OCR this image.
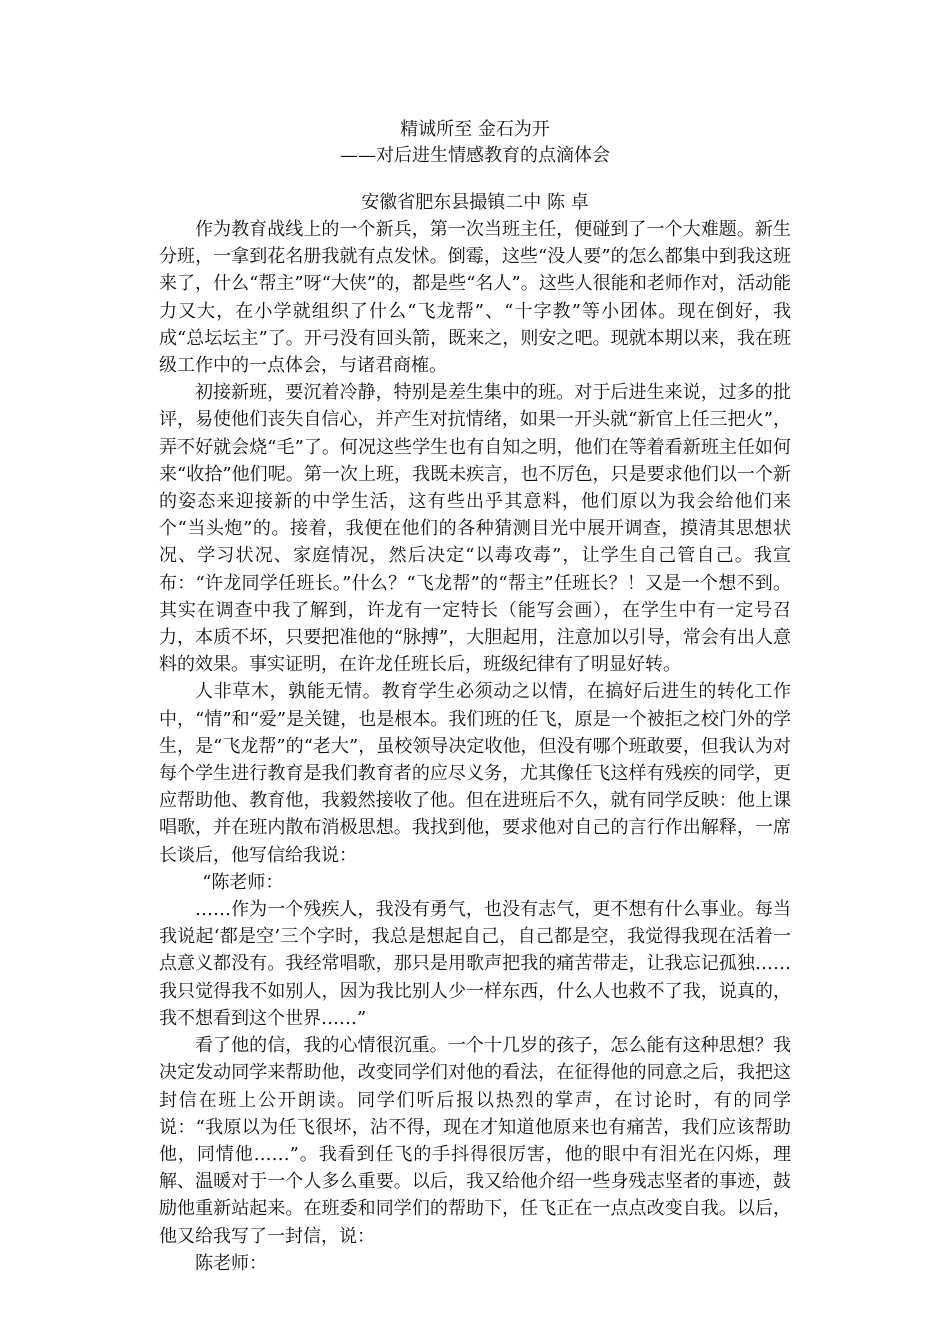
精诚所至 金石为开
——对后进生情感教育的点滴体会
安徽省肥东县撮镇二中 陈 卓

作为教育战线上的一个新兵，第一次当班主任，便碰到了一个大难题。新生分班，一拿到花名册我就有点发怵。倒霉，这些“没人要”的怎么都集中到我这班来了，什么“帮主”呀“大侠”的，都是些“名人”。这些人很能和老师作对，活动能力又大，在小学就组织了什么“飞龙帮”、“十字教”等小团体。现在倒好，我成“总坛坛主”了。开弓没有回头箭，既来之，则安之吧。现就本期以来，我在班级工作中的一点体会，与诸君商榷。

初接新班，要沉着冷静，特别是差生集中的班。对于后进生来说，过多的批评，易使他们丧失自信心，并产生对抗情绪，如果一开头就“新官上任三把火”，弄不好就会烧“毛”了。何况这些学生也有自知之明，他们在等着看新班主任如何来“收拾”他们呢。第一次上班，我既未疾言，也不厉色，只是要求他们以一个新的姿态来迎接新的中学生活，这有些出乎其意料，他们原以为我会给他们来个“当头炮”的。接着，我便在他们的各种猜测目光中展开调查，摸清其思想状况、学习状况、家庭情况，然后决定“以毒攻毒”，让学生自己管自己。我宣布：“许龙同学任班长。”什么？“飞龙帮”的“帮主”任班长？！又是一个想不到。其实在调查中我了解到，许龙有一定特长（能写会画），在学生中有一定号召力，本质不坏，只要把准他的“脉搏”，大胆起用，注意加以引导，常会有出人意料的效果。事实证明，在许龙任班长后，班级纪律有了明显好转。

人非草木，孰能无情。教育学生必须动之以情，在搞好后进生的转化工作中，“情”和“爱”是关键，也是根本。我们班的任飞，原是一个被拒之校门外的学生，是“飞龙帮”的“老大”，虽校领导决定收他，但没有哪个班敢要，但我认为对每个学生进行教育是我们教育者的应尽义务，尤其像任飞这样有残疾的同学，更应帮助他、教育他，我毅然接收了他。但在进班后不久，就有同学反映：他上课唱歌，并在班内散布消极思想。我找到他，要求他对自己的言行作出解释，一席长谈后，他写信给我说：

“陈老师：

……作为一个残疾人，我没有勇气，也没有志气，更不想有什么事业。每当我说起‘都是空’三个字时，我总是想起自己，自己都是空，我觉得我现在活着一点意义都没有。我经常唱歌，那只是用歌声把我的痛苦带走，让我忘记孤独……我只觉得我不如别人，因为我比别人少一样东西，什么人也救不了我，说真的，我不想看到这个世界……”

看了他的信，我的心情很沉重。一个十几岁的孩子，怎么能有这种思想？我决定发动同学来帮助他，改变同学们对他的看法，在征得他的同意之后，我把这封信在班上公开朗读。同学们听后报以热烈的掌声，在讨论时，有的同学说：“我原以为任飞很坏，沾不得，现在才知道他原来也有痛苦，我们应该帮助他，同情他……”。我看到任飞的手抖得很厉害，他的眼中有泪光在闪烁，理解、温暖对于一个人多么重要。以后，我又给他介绍一些身残志坚者的事迹，鼓励他重新站起来。在班委和同学们的帮助下，任飞正在一点点改变自我。以后，他又给我写了一封信，说：

陈老师：
